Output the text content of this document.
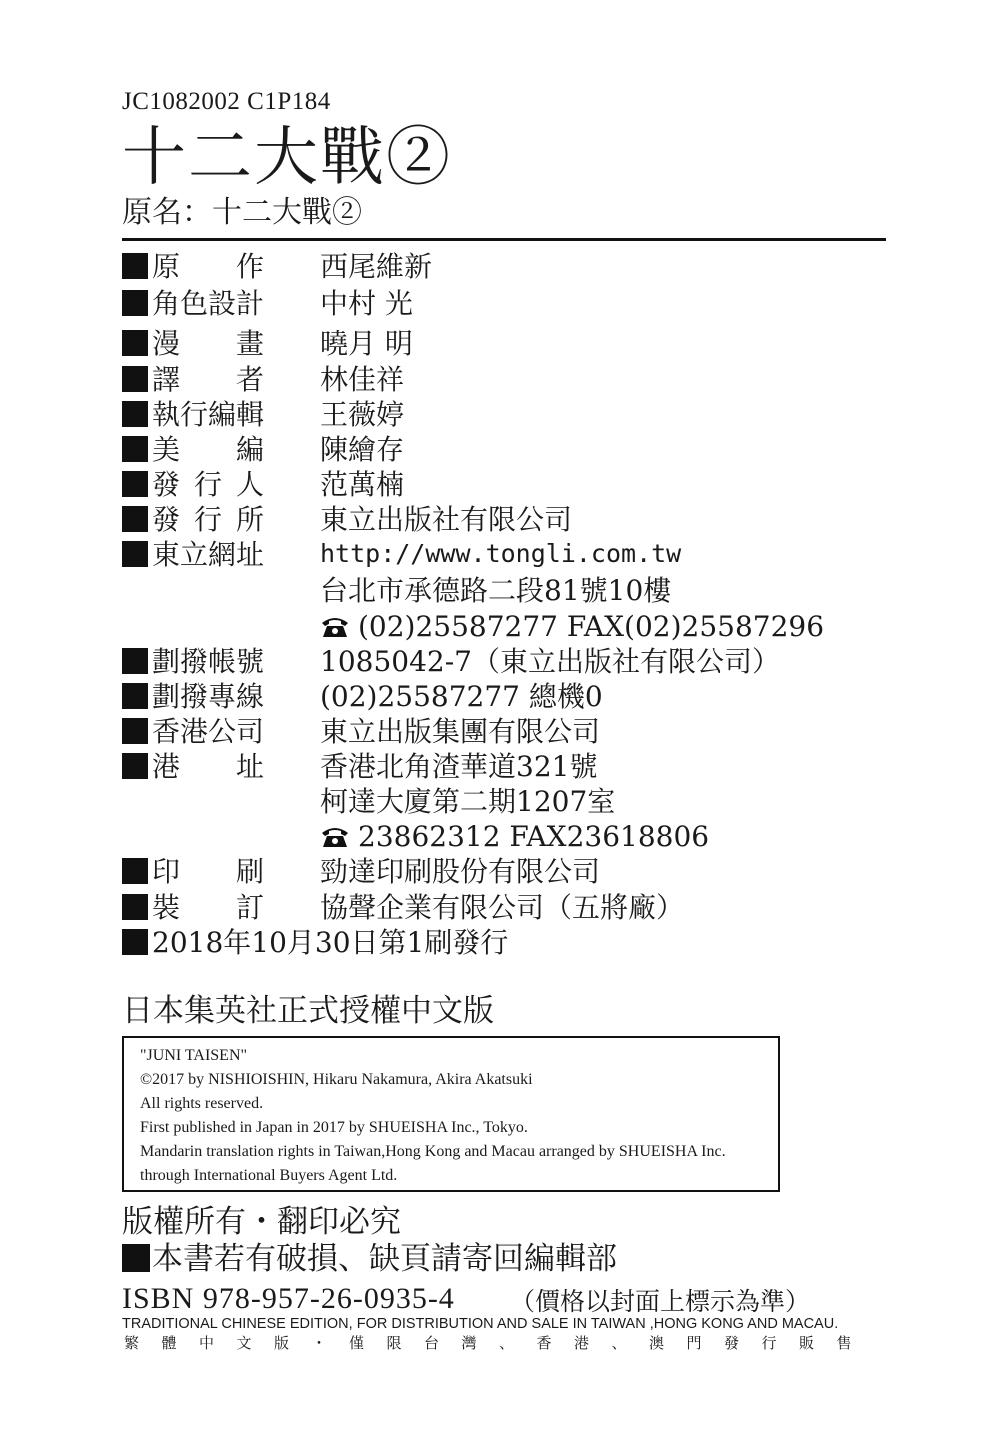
JC1082002 C1P184
十二大戰②
原名：十二大戰②
原作 西尾維新
角色設計 中村 光
漫畫 曉月 明
譯者 林佳祥
執行編輯 王薇婷
美編 陳繪存
發行人 范萬楠
發行所 東立出版社有限公司
東立網址 http://www.tongli.com.tw
台北市承德路二段81號10樓
(02)25587277 FAX(02)25587296
劃撥帳號 1085042-7（東立出版社有限公司）
劃撥專線 (02)25587277 總機0
香港公司 東立出版集團有限公司
港址 香港北角渣華道321號
柯達大廈第二期1207室
23862312 FAX23618806
印刷 勁達印刷股份有限公司
裝訂 協聲企業有限公司（五將廠）
2018年10月30日第1刷發行
日本集英社正式授權中文版
"JUNI TAISEN"
©2017 by NISHIOISHIN, Hikaru Nakamura, Akira Akatsuki
All rights reserved.
First published in Japan in 2017 by SHUEISHA Inc., Tokyo.
Mandarin translation rights in Taiwan,Hong Kong and Macau arranged by SHUEISHA Inc.
through International Buyers Agent Ltd.
版權所有・翻印必究
本書若有破損、缺頁請寄回編輯部
ISBN 978-957-26-0935-4 （價格以封面上標示為準）
TRADITIONAL CHINESE EDITION, FOR DISTRIBUTION AND SALE IN TAIWAN ,HONG KONG AND MACAU.
繁體中文版・僅限台灣、香港、澳門發行販售
